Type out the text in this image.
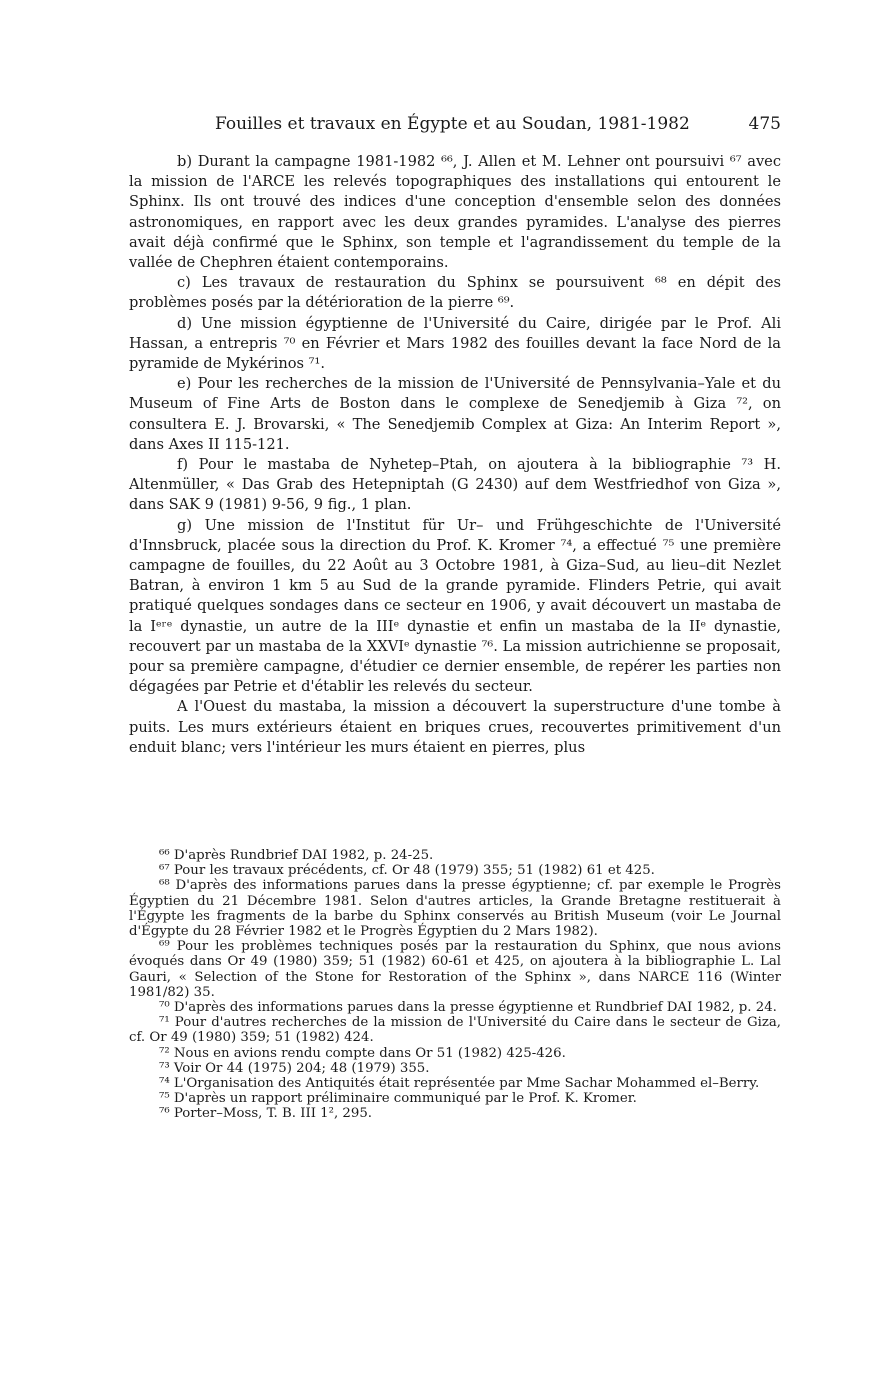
Fouilles et travaux en Égypte et au Soudan, 1981-1982	475

b) Durant la campagne 1981-1982 ⁶⁶, J. Allen et M. Lehner ont poursuivi ⁶⁷ avec la mission de l'ARCE les relevés topographiques des installations qui entourent le Sphinx. Ils ont trouvé des indices d'une conception d'ensemble selon des données astronomiques, en rapport avec les deux grandes pyramides. L'analyse des pierres avait déjà confirmé que le Sphinx, son temple et l'agrandissement du temple de la vallée de Chephren étaient contemporains.

c) Les travaux de restauration du Sphinx se poursuivent ⁶⁸ en dépit des problèmes posés par la détérioration de la pierre ⁶⁹.

d) Une mission égyptienne de l'Université du Caire, dirigée par le Prof. Ali Hassan, a entrepris ⁷⁰ en Février et Mars 1982 des fouilles devant la face Nord de la pyramide de Mykérinos ⁷¹.

e) Pour les recherches de la mission de l'Université de Pennsylvania–Yale et du Museum of Fine Arts de Boston dans le complexe de Senedjemib à Giza ⁷², on consultera E. J. Brovarski, « The Senedjemib Complex at Giza: An Interim Report », dans Axes II 115-121.

f) Pour le mastaba de Nyhetep–Ptah, on ajoutera à la bibliographie ⁷³ H. Altenmüller, « Das Grab des Hetepniptah (G 2430) auf dem Westfriedhof von Giza », dans SAK 9 (1981) 9-56, 9 fig., 1 plan.

g) Une mission de l'Institut für Ur– und Frühgeschichte de l'Université d'Innsbruck, placée sous la direction du Prof. K. Kromer ⁷⁴, a effectué ⁷⁵ une première campagne de fouilles, du 22 Août au 3 Octobre 1981, à Giza–Sud, au lieu–dit Nezlet Batran, à environ 1 km 5 au Sud de la grande pyramide. Flinders Petrie, qui avait pratiqué quelques sondages dans ce secteur en 1906, y avait découvert un mastaba de la Iᵉʳᵉ dynastie, un autre de la IIIᵉ dynastie et enfin un mastaba de la IIᵉ dynastie, recouvert par un mastaba de la XXVIᵉ dynastie ⁷⁶. La mission autrichienne se proposait, pour sa première campagne, d'étudier ce dernier ensemble, de repérer les parties non dégagées par Petrie et d'établir les relevés du secteur.

A l'Ouest du mastaba, la mission a découvert la superstructure d'une tombe à puits. Les murs extérieurs étaient en briques crues, recouvertes primitivement d'un enduit blanc; vers l'intérieur les murs étaient en pierres, plus

⁶⁶ D'après Rundbrief DAI 1982, p. 24-25.

⁶⁷ Pour les travaux précédents, cf. Or 48 (1979) 355; 51 (1982) 61 et 425.

⁶⁸ D'après des informations parues dans la presse égyptienne; cf. par exemple le Progrès Égyptien du 21 Décembre 1981. Selon d'autres articles, la Grande Bretagne restituerait à l'Égypte les fragments de la barbe du Sphinx conservés au British Museum (voir Le Journal d'Égypte du 28 Février 1982 et le Progrès Égyptien du 2 Mars 1982).

⁶⁹ Pour les problèmes techniques posés par la restauration du Sphinx, que nous avions évoqués dans Or 49 (1980) 359; 51 (1982) 60-61 et 425, on ajoutera à la bibliographie L. Lal Gauri, « Selection of the Stone for Restoration of the Sphinx », dans NARCE 116 (Winter 1981/82) 35.

⁷⁰ D'après des informations parues dans la presse égyptienne et Rundbrief DAI 1982, p. 24.

⁷¹ Pour d'autres recherches de la mission de l'Université du Caire dans le secteur de Giza, cf. Or 49 (1980) 359; 51 (1982) 424.

⁷² Nous en avions rendu compte dans Or 51 (1982) 425-426.

⁷³ Voir Or 44 (1975) 204; 48 (1979) 355.

⁷⁴ L'Organisation des Antiquités était représentée par Mme Sachar Mohammed el–Berry.

⁷⁵ D'après un rapport préliminaire communiqué par le Prof. K. Kromer.

⁷⁶ Porter–Moss, T. B. III 1², 295.
